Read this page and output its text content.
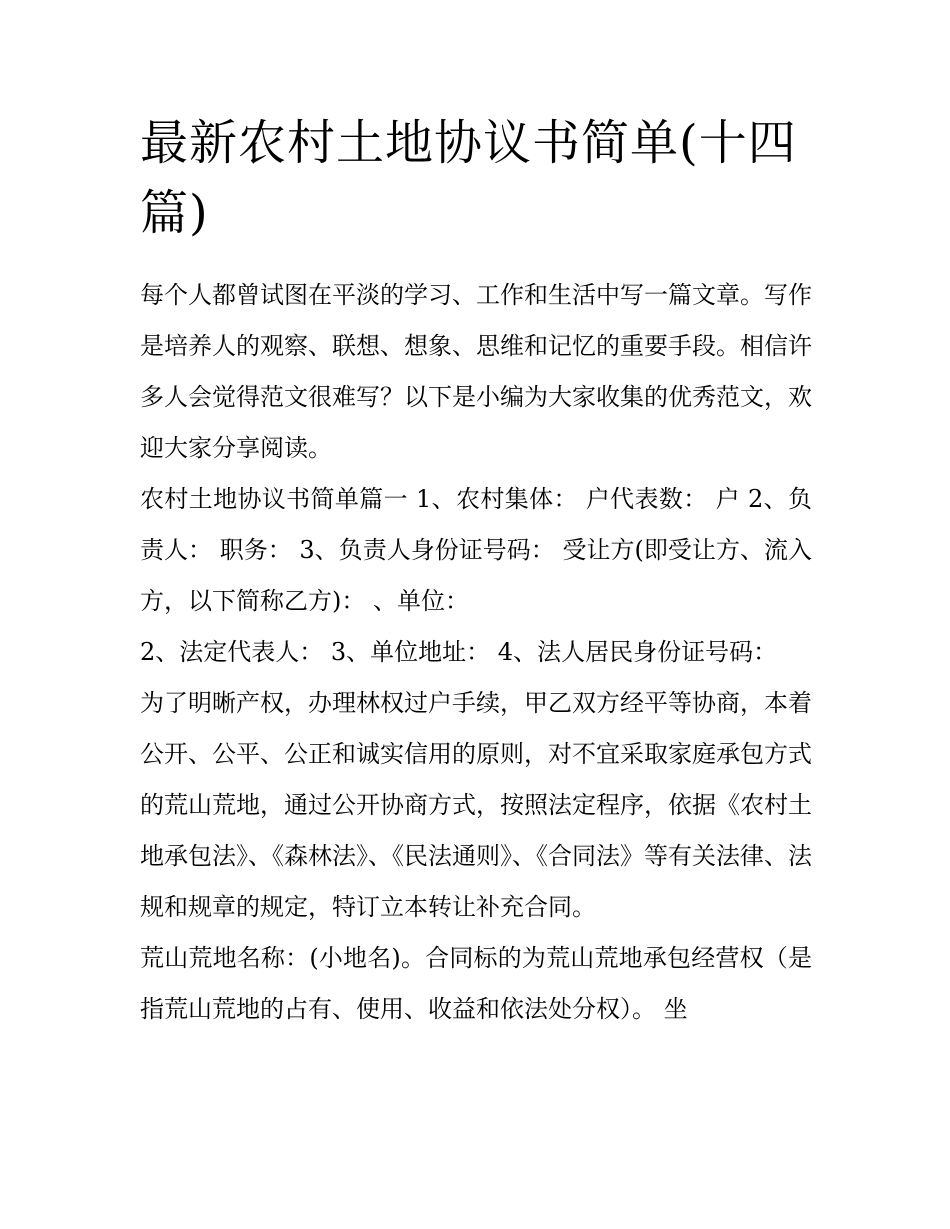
最新农村土地协议书简单(十四篇)

每个人都曾试图在平淡的学习、工作和生活中写一篇文章。写作是培养人的观察、联想、想象、思维和记忆的重要手段。相信许多人会觉得范文很难写？以下是小编为大家收集的优秀范文，欢迎大家分享阅读。

农村土地协议书简单篇一 1、农村集体： 户代表数： 户 2、负责人： 职务： 3、负责人身份证号码： 受让方(即受让方、流入方，以下简称乙方)： 、单位：

2、法定代表人： 3、单位地址： 4、法人居民身份证号码：

为了明晰产权，办理林权过户手续，甲乙双方经平等协商，本着公开、公平、公正和诚实信用的原则，对不宜采取家庭承包方式的荒山荒地，通过公开协商方式，按照法定程序，依据《农村土地承包法》、《森林法》、《民法通则》、《合同法》等有关法律、法规和规章的规定，特订立本转让补充合同。

荒山荒地名称：(小地名)。合同标的为荒山荒地承包经营权（是指荒山荒地的占有、使用、收益和依法处分权）。 坐
